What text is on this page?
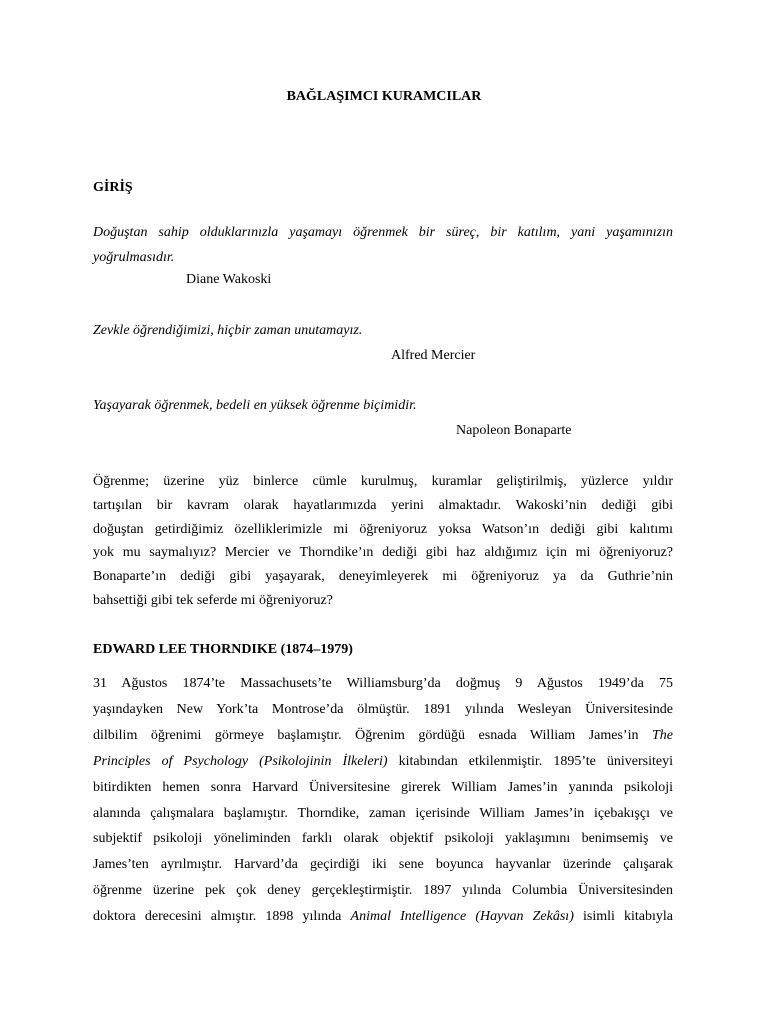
BAĞLAŞIMCI KURAMCILAR
GİRİŞ
Doğuştan sahip olduklarınızla yaşamayı öğrenmek bir süreç, bir katılım, yani yaşamınızın
yoğrulmasıdır.
Diane Wakoski
Zevkle öğrendiğimizi, hiçbir zaman unutamayız.
Alfred Mercier
Yaşayarak öğrenmek, bedeli en yüksek öğrenme biçimidir.
Napoleon Bonaparte
Öğrenme; üzerine yüz binlerce cümle kurulmuş, kuramlar geliştirilmiş, yüzlerce yıldır
tartışılan bir kavram olarak hayatlarımızda yerini almaktadır. Wakoski’nin dediği gibi
doğuştan getirdiğimiz özelliklerimizle mi öğreniyoruz yoksa Watson’ın dediği gibi kalıtımı
yok mu saymalıyız? Mercier ve Thorndike’ın dediği gibi haz aldığımız için mi öğreniyoruz?
Bonaparte’ın dediği gibi yaşayarak, deneyimleyerek mi öğreniyoruz ya da Guthrie’nin
bahsettiği gibi tek seferde mi öğreniyoruz?
EDWARD LEE THORNDIKE (1874–1979)
31 Ağustos 1874’te Massachusets’te Williamsburg’da doğmuş 9 Ağustos 1949’da 75
yaşındayken New York’ta Montrose’da ölmüştür. 1891 yılında Wesleyan Üniversitesinde
dilbilim öğrenimi görmeye başlamıştır. Öğrenim gördüğü esnada William James’in The
Principles of Psychology (Psikolojinin İlkeleri) kitabından etkilenmiştir. 1895’te üniversiteyi
bitirdikten hemen sonra Harvard Üniversitesine girerek William James’in yanında psikoloji
alanında çalışmalara başlamıştır. Thorndike, zaman içerisinde William James’in içebakışçı ve
subjektif psikoloji yöneliminden farklı olarak objektif psikoloji yaklaşımını benimsemiş ve
James’ten ayrılmıştır. Harvard’da geçirdiği iki sene boyunca hayvanlar üzerinde çalışarak
öğrenme üzerine pek çok deney gerçekleştirmiştir. 1897 yılında Columbia Üniversitesinden
doktora derecesini almıştır. 1898 yılında Animal Intelligence (Hayvan Zekâsı) isimli kitabıyla
